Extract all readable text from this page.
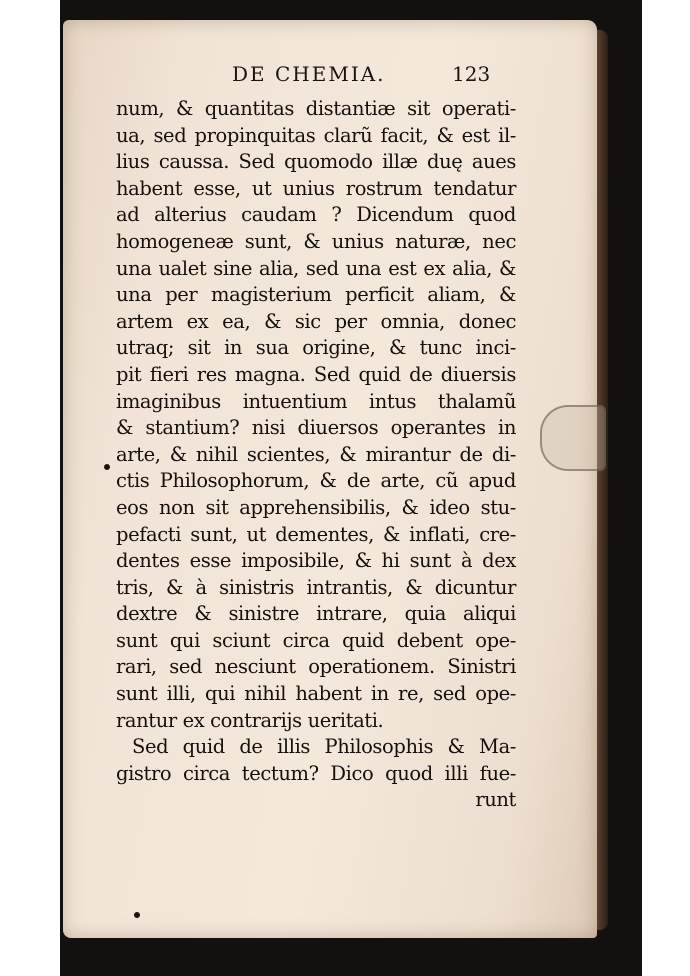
DE CHEMIA.	123
num, & quantitas distantiæ sit operati-
ua, sed propinquitas clarũ facit, & est il-
lius caussa. Sed quomodo illæ duę aues
habent esse, ut unius rostrum tendatur
ad alterius caudam ? Dicendum quod
homogeneæ sunt, & unius naturæ, nec
una ualet sine alia, sed una est ex alia, &
una per magisterium perficit aliam, &
artem ex ea, & sic per omnia, donec
utraq; sit in sua origine, & tunc inci-
pit fieri res magna. Sed quid de diuersis
imaginibus intuentium intus thalamũ
& stantium? nisi diuersos operantes in
arte, & nihil scientes, & mirantur de di-
ctis Philosophorum, & de arte, cũ apud
eos non sit apprehensibilis, & ideo stu-
pefacti sunt, ut dementes, & inflati, cre-
dentes esse imposibile, & hi sunt à dex
tris, & à sinistris intrantis, & dicuntur
dextre & sinistre intrare, quia aliqui
sunt qui sciunt circa quid debent ope-
rari, sed nesciunt operationem. Sinistri
sunt illi, qui nihil habent in re, sed ope-
rantur ex contrarijs ueritati.
Sed quid de illis Philosophis & Ma-
gistro circa tectum? Dico quod illi fue-
runt
